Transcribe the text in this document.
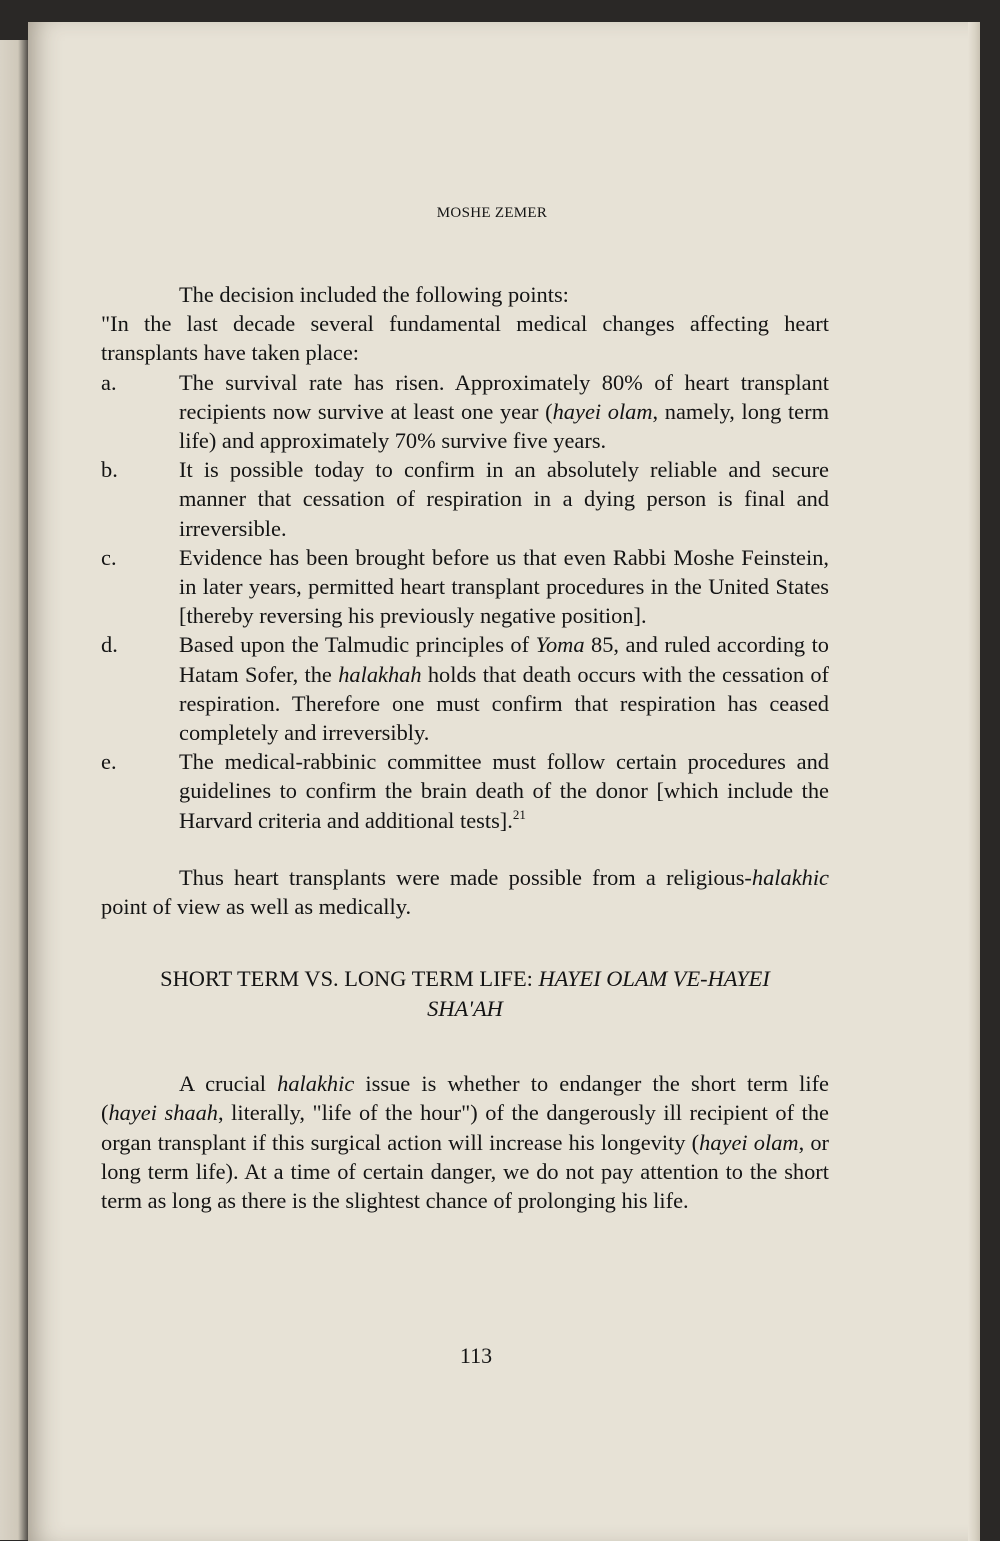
MOSHE ZEMER

The decision included the following points:

"In the last decade several fundamental medical changes affecting heart transplants have taken place:

a.	The survival rate has risen. Approximately 80% of heart transplant recipients now survive at least one year (hayei olam, namely, long term life) and approximately 70% survive five years.
b.	It is possible today to confirm in an absolutely reliable and secure manner that cessation of respiration in a dying person is final and irreversible.
c.	Evidence has been brought before us that even Rabbi Moshe Feinstein, in later years, permitted heart transplant procedures in the United States [thereby reversing his previously negative position].
d.	Based upon the Talmudic principles of Yoma 85, and ruled according to Hatam Sofer, the halakhah holds that death occurs with the cessation of respiration. Therefore one must confirm that respiration has ceased completely and irreversibly.
e.	The medical-rabbinic committee must follow certain procedures and guidelines to confirm the brain death of the donor [which include the Harvard criteria and additional tests].$^{21}$

Thus heart transplants were made possible from a religious-halakhic point of view as well as medically.

SHORT TERM VS. LONG TERM LIFE: HAYEI OLAM VE-HAYEI
SHA'AH

A crucial halakhic issue is whether to endanger the short term life (hayei shaah, literally, "life of the hour") of the dangerously ill recipient of the organ transplant if this surgical action will increase his longevity (hayei olam, or long term life). At a time of certain danger, we do not pay attention to the short term as long as there is the slightest chance of prolonging his life.

113
